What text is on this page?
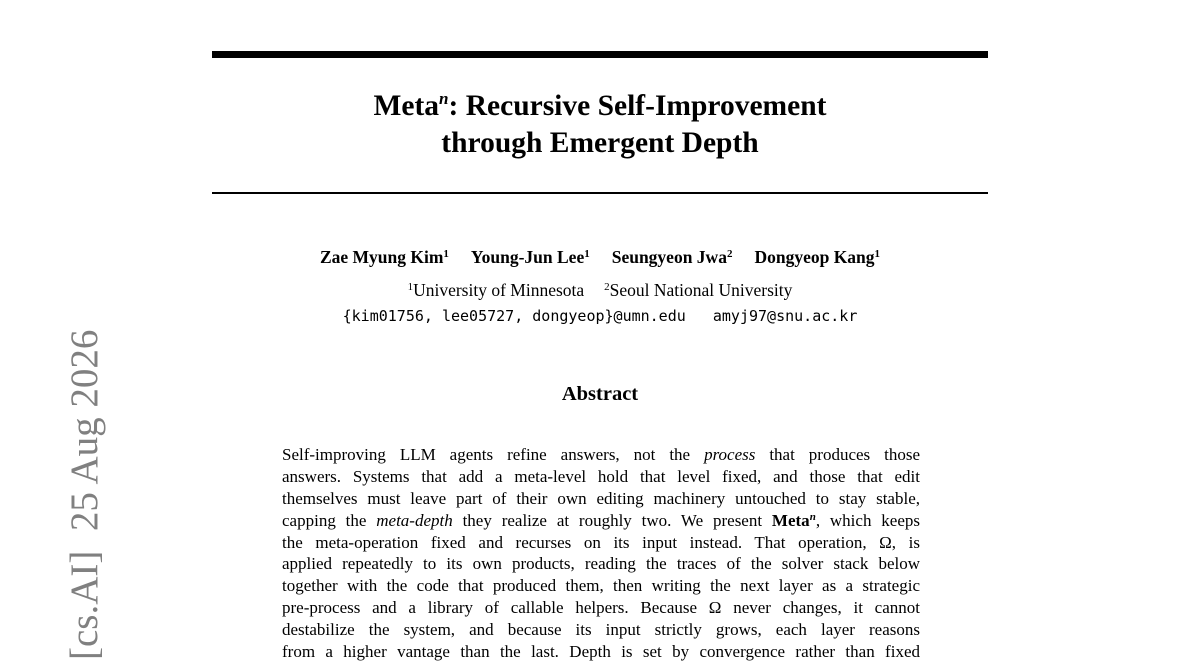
Meta$^n$: Recursive Self-Improvement
through Emergent Depth
Zae Myung Kim$^1$ Young-Jun Lee$^1$ Seungyeon Jwa$^2$ Dongyeop Kang$^1$
$^1$University of Minnesota $^2$Seoul National University
{kim01756, lee05727, dongyeop}@umn.edu   amyj97@snu.ac.kr
Abstract
Self-improving LLM agents refine answers, not the process that produces those
answers. Systems that add a meta-level hold that level fixed, and those that edit
themselves must leave part of their own editing machinery untouched to stay stable,
capping the meta-depth they realize at roughly two. We present Meta$^n$, which keeps
the meta-operation fixed and recurses on its input instead. That operation, Ω, is
applied repeatedly to its own products, reading the traces of the solver stack below
together with the code that produced them, then writing the next layer as a strategic
pre-process and a library of callable helpers. Because Ω never changes, it cannot
destabilize the system, and because its input strictly grows, each layer reasons
from a higher vantage than the last. Depth is set by convergence rather than fixed
[cs.AI]  25 Aug 2026
